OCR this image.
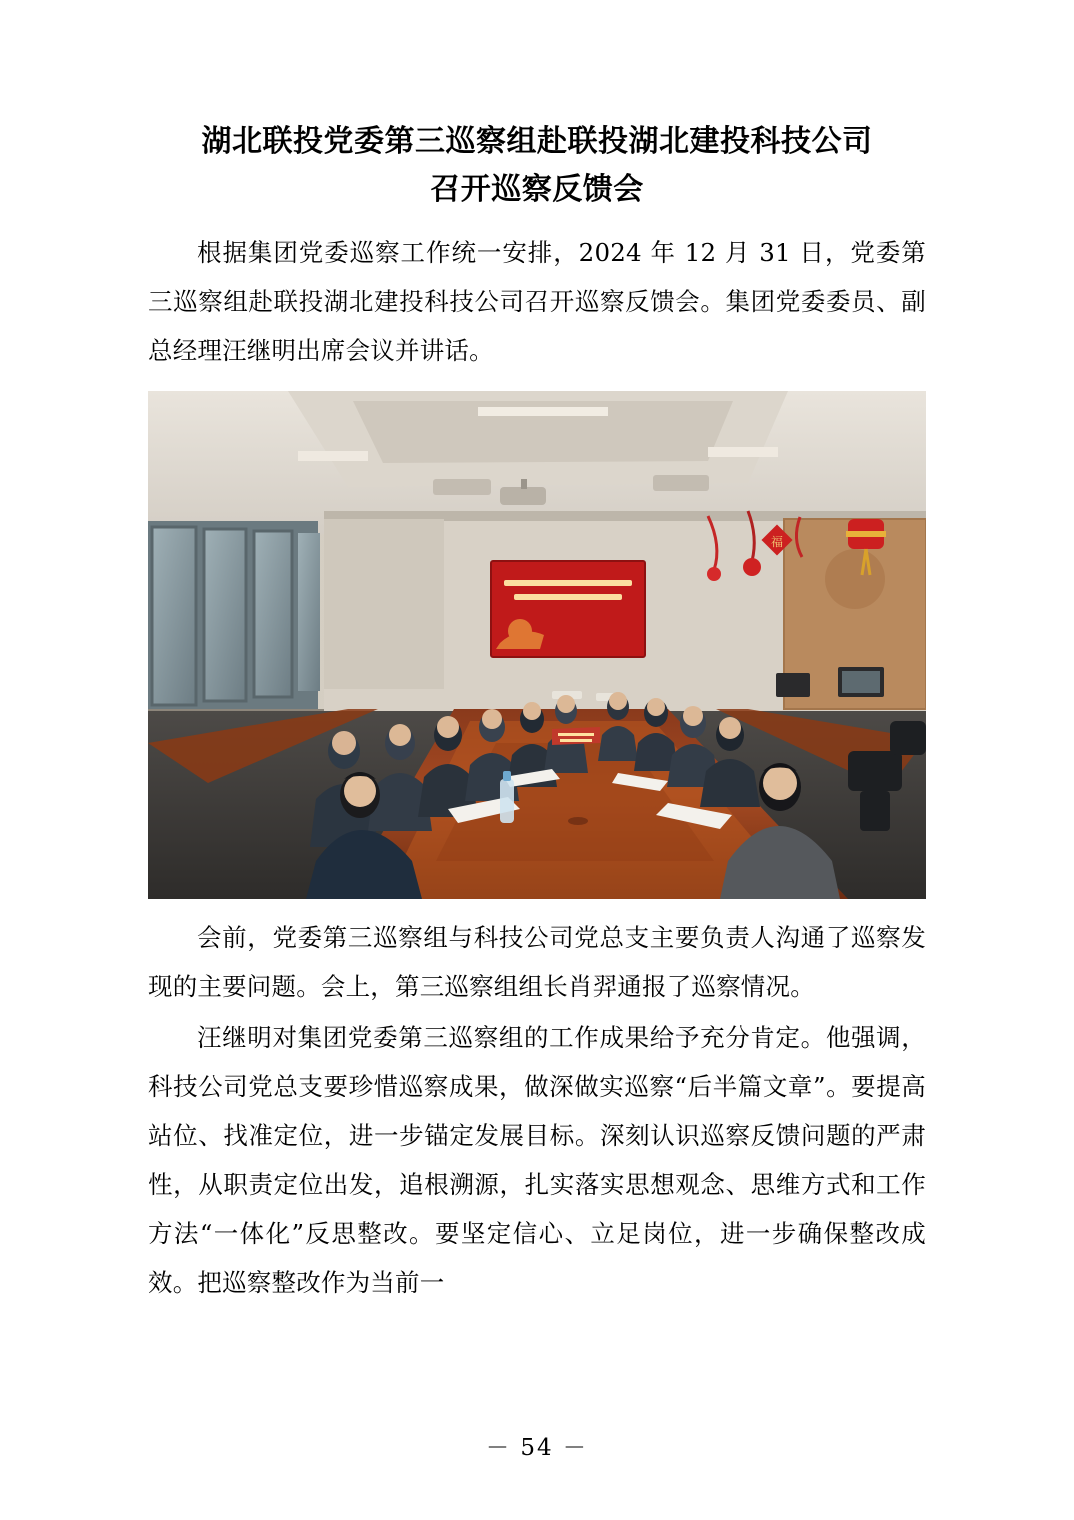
湖北联投党委第三巡察组赴联投湖北建投科技公司
召开巡察反馈会

根据集团党委巡察工作统一安排，2024 年 12 月 31 日，党委第三巡察组赴联投湖北建投科技公司召开巡察反馈会。集团党委委员、副总经理汪继明出席会议并讲话。

福

会前，党委第三巡察组与科技公司党总支主要负责人沟通了巡察发现的主要问题。会上，第三巡察组组长肖羿通报了巡察情况。

汪继明对集团党委第三巡察组的工作成果给予充分肯定。他强调，科技公司党总支要珍惜巡察成果，做深做实巡察“后半篇文章”。要提高站位、找准定位，进一步锚定发展目标。深刻认识巡察反馈问题的严肃性，从职责定位出发，追根溯源，扎实落实思想观念、思维方式和工作方法“一体化”反思整改。要坚定信心、立足岗位，进一步确保整改成效。把巡察整改作为当前一

－ 54 －
